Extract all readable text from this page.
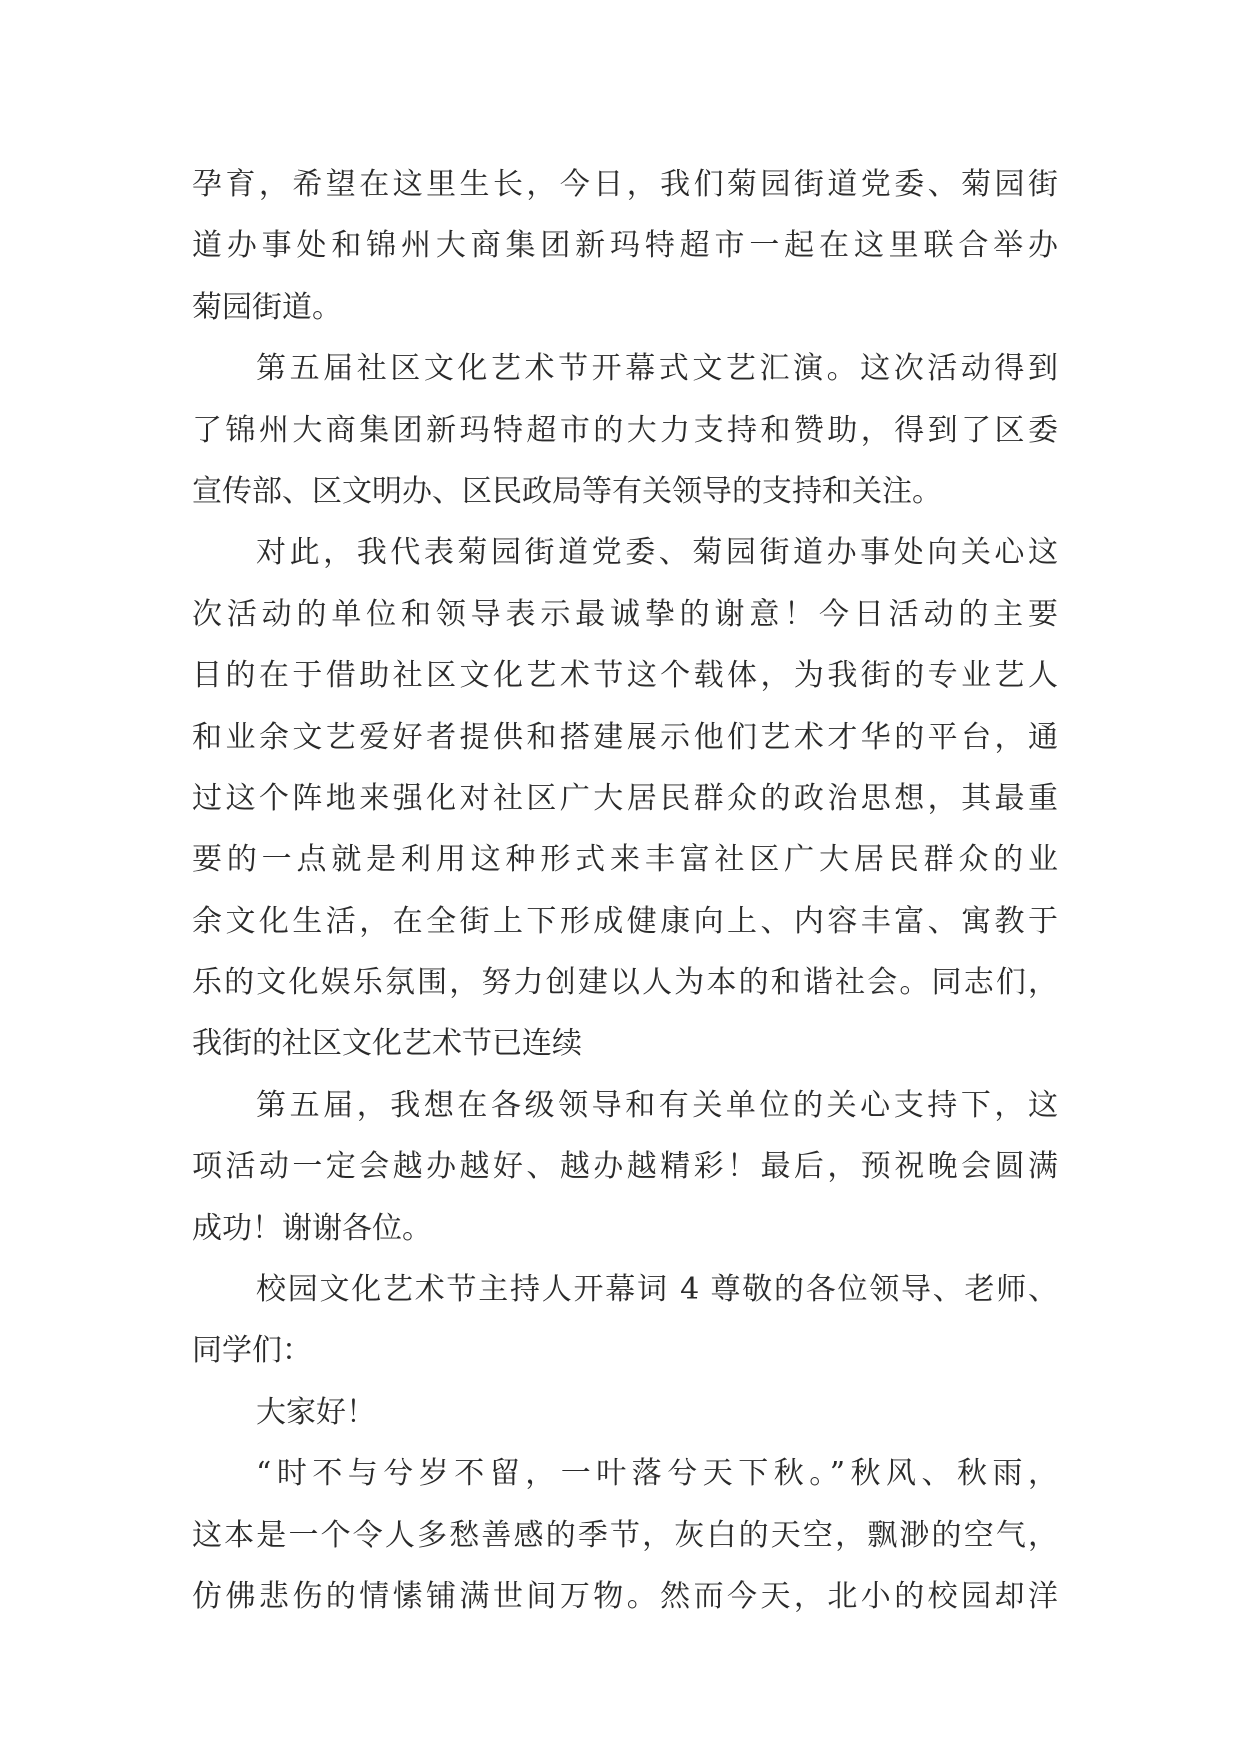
孕育，希望在这里生长，今日，我们菊园街道党委、菊园街
道办事处和锦州大商集团新玛特超市一起在这里联合举办
菊园街道。
第五届社区文化艺术节开幕式文艺汇演。这次活动得到
了锦州大商集团新玛特超市的大力支持和赞助，得到了区委
宣传部、区文明办、区民政局等有关领导的支持和关注。
对此，我代表菊园街道党委、菊园街道办事处向关心这
次活动的单位和领导表示最诚挚的谢意！今日活动的主要
目的在于借助社区文化艺术节这个载体，为我街的专业艺人
和业余文艺爱好者提供和搭建展示他们艺术才华的平台，通
过这个阵地来强化对社区广大居民群众的政治思想，其最重
要的一点就是利用这种形式来丰富社区广大居民群众的业
余文化生活，在全街上下形成健康向上、内容丰富、寓教于
乐的文化娱乐氛围，努力创建以人为本的和谐社会。同志们，
我街的社区文化艺术节已连续
第五届，我想在各级领导和有关单位的关心支持下，这
项活动一定会越办越好、越办越精彩！最后，预祝晚会圆满
成功！谢谢各位。
校园文化艺术节主持人开幕词 4 尊敬的各位领导、老师、
同学们：
大家好！
“时不与兮岁不留，一叶落兮天下秋。”秋风、秋雨，
这本是一个令人多愁善感的季节，灰白的天空，飘渺的空气，
仿佛悲伤的情愫铺满世间万物。然而今天，北小的校园却洋
